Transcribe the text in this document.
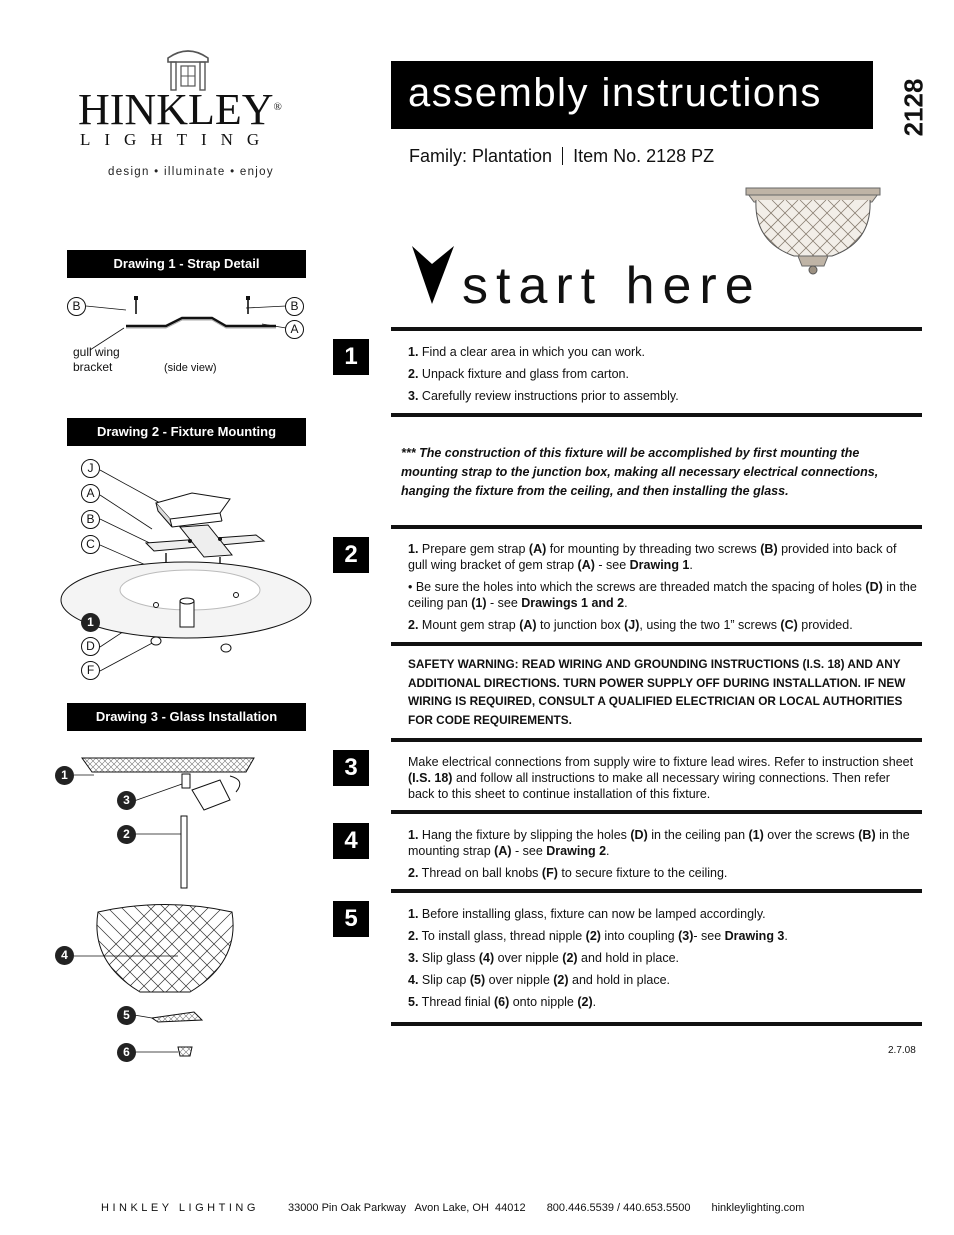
HINKLEY®
LIGHTING
design • illuminate • enjoy
assembly instructions	2128
Family: Plantation Item No. 2128 PZ
start here
Drawing 1 - Strap Detail
B	B
A
gull wing
bracket	(side view)
Drawing 2 - Fixture Mounting
J
A
B
C
1
D
F
Drawing 3 - Glass Installation
1
3
2
4
5
6
1	1. Find a clear area in which you can work.

2. Unpack fixture and glass from carton.

3. Carefully review instructions prior to assembly.

*** The construction of this fixture will be accomplished by first mounting the mounting strap to the junction box, making all necessary electrical connections, hanging the fixture from the ceiling, and then installing the glass.
2	1. Prepare gem strap (A) for mounting by threading two screws (B) provided into back of gull wing bracket of gem strap (A) - see Drawing 1.

• Be sure the holes into which the screws are threaded match the spacing of holes (D) in the ceiling pan (1) - see Drawings 1 and 2.

2. Mount gem strap (A) to junction box (J), using the two 1” screws (C) provided.

SAFETY WARNING: READ WIRING AND GROUNDING INSTRUCTIONS (I.S. 18) AND ANY ADDITIONAL DIRECTIONS. TURN POWER SUPPLY OFF DURING INSTALLATION. IF NEW WIRING IS REQUIRED, CONSULT A QUALIFIED ELECTRICIAN OR LOCAL AUTHORITIES FOR CODE REQUIREMENTS.
3	Make electrical connections from supply wire to fixture lead wires. Refer to instruction sheet (I.S. 18) and follow all instructions to make all necessary wiring connections. Then refer back to this sheet to continue installation of this fixture.

4	1. Hang the fixture by slipping the holes (D) in the ceiling pan (1) over the screws (B) in the mounting strap (A) - see Drawing 2.

2. Thread on ball knobs (F) to secure fixture to the ceiling.

5	1. Before installing glass, fixture can now be lamped accordingly.

2. To install glass, thread nipple (2) into coupling (3)- see Drawing 3.

3. Slip glass (4) over nipple (2) and hold in place.

4. Slip cap (5) over nipple (2) and hold in place.

5. Thread finial (6) onto nipple (2).

2.7.08
HINKLEY LIGHTING	33000 Pin Oak Parkway   Avon Lake, OH  44012 800.446.5539 / 440.653.5500 hinkleylighting.com
